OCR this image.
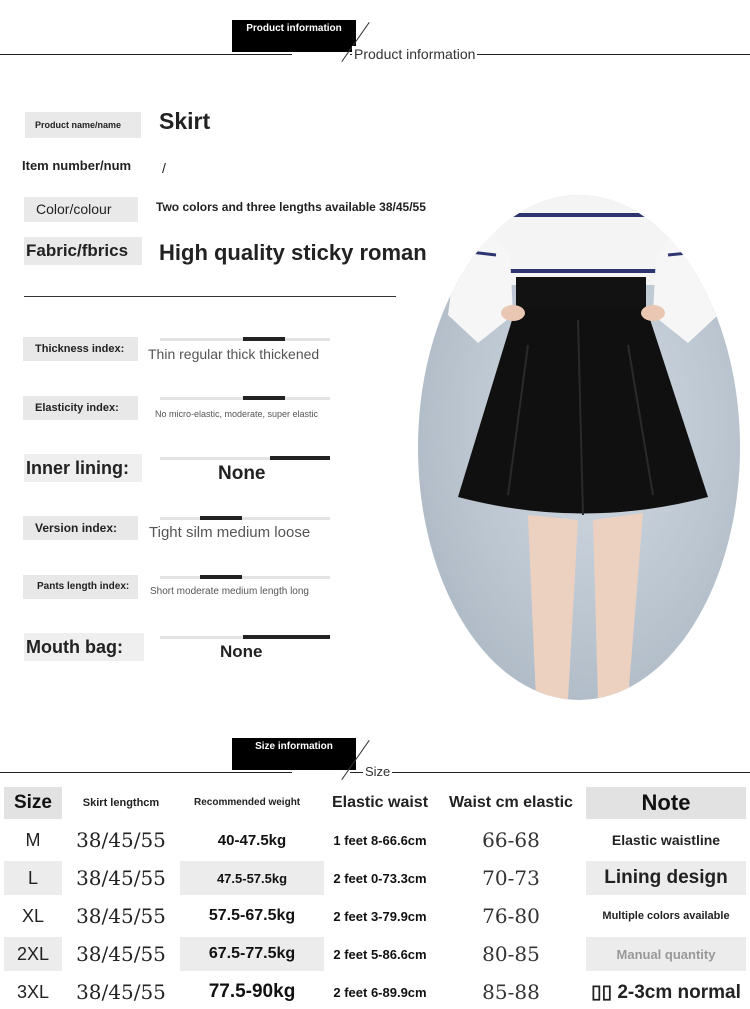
Product information
Product information
Product name/name	Skirt
Item number/num /
Color/colour	Two colors and three lengths available 38/45/55
Fabric/fbrics	High quality sticky roman
Thickness index:	Thin regular thick thickened
Elasticity index:	No micro-elastic, moderate, super elastic
Inner lining:	None
Version index:	Tight silm medium loose
Pants length index:	Short moderate medium length long
Mouth bag:	None
Size information
Size
Size	Skirt lengthcm	Recommended weight	Elastic waist	Waist cm elastic	Note
M	38/45/55	40-47.5kg	1 feet 8-66.6cm	66-68	Elastic waistline
L	38/45/55	47.5-57.5kg	2 feet 0-73.3cm	70-73	Lining design
XL	38/45/55	57.5-67.5kg	2 feet 3-79.9cm	76-80	Multiple colors available
2XL	38/45/55	67.5-77.5kg	2 feet 5-86.6cm	80-85	Manual quantity
3XL	38/45/55	77.5-90kg	2 feet 6-89.9cm	85-88	▯▯ 2-3cm normal
